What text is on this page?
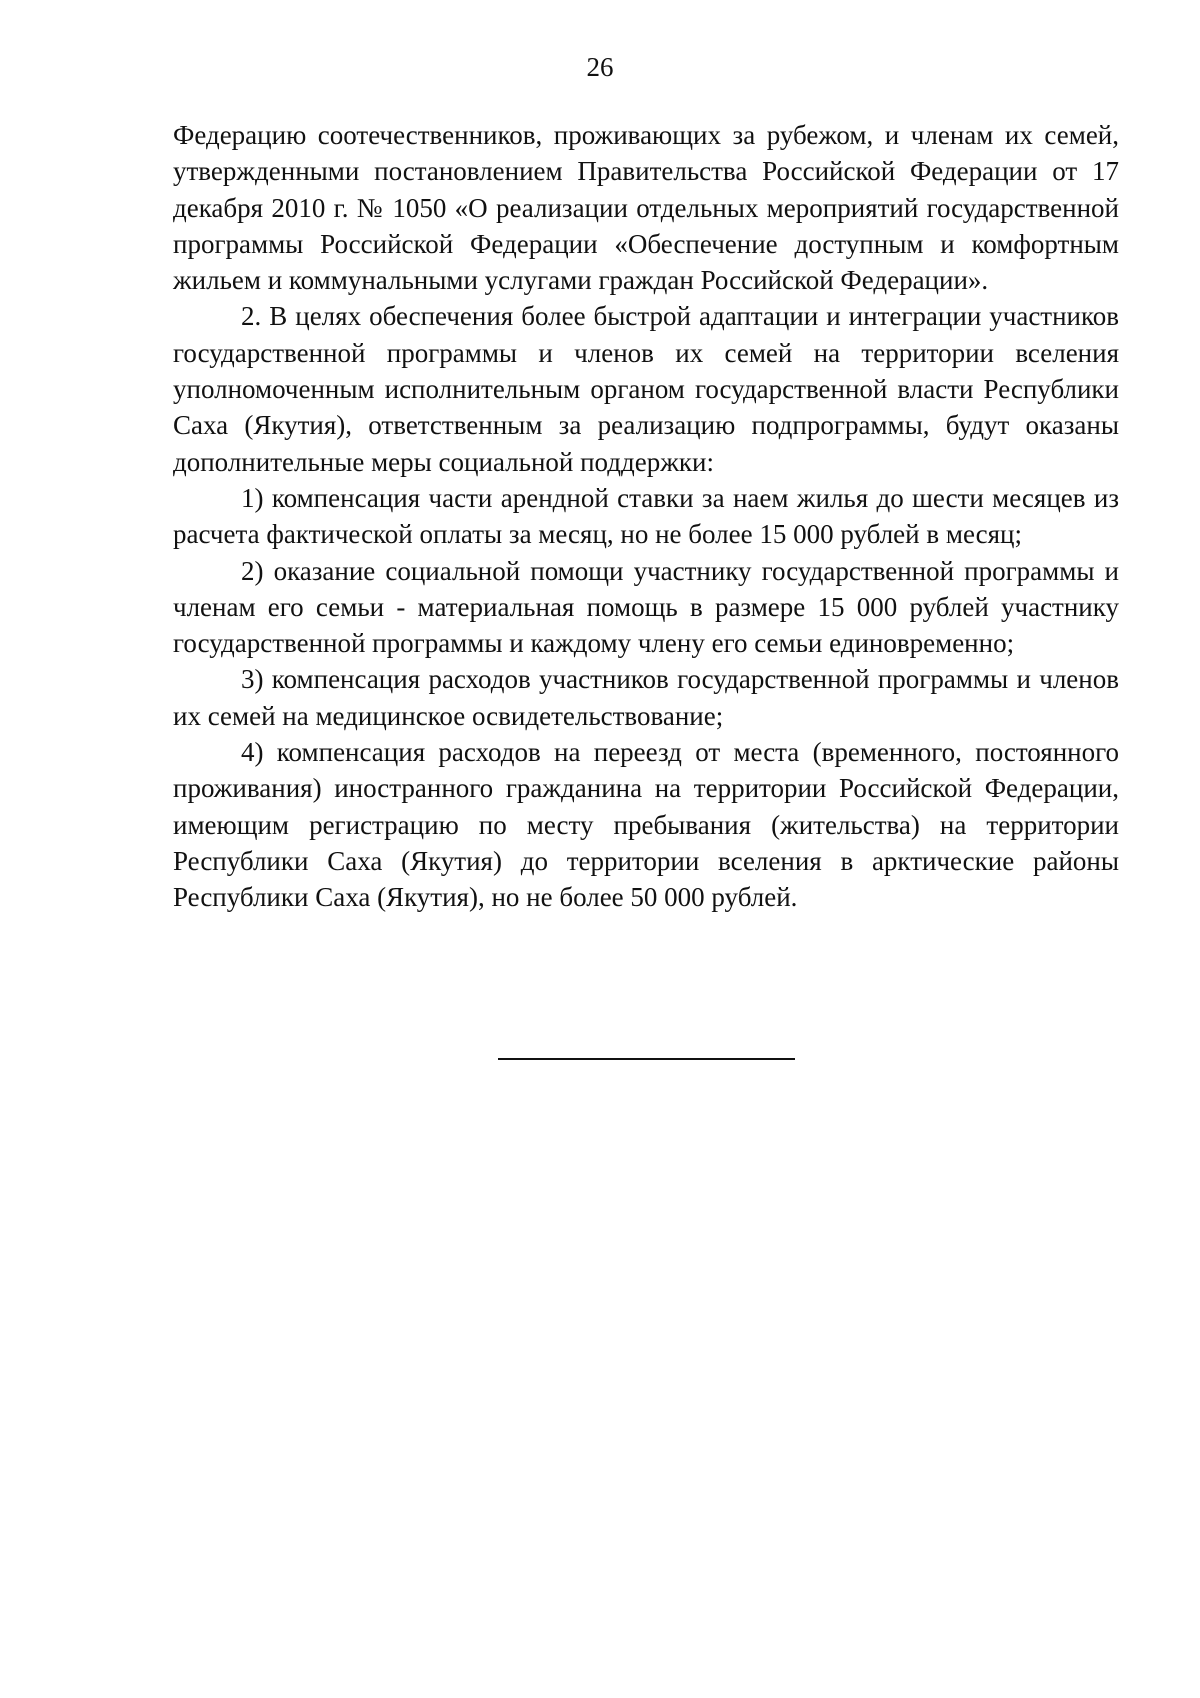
26

Федерацию соотечественников, проживающих за рубежом, и членам их семей, утвержденными постановлением Правительства Российской Федерации от 17 декабря 2010 г. № 1050 «О реализации отдельных мероприятий государственной программы Российской Федерации «Обеспечение доступным и комфортным жильем и коммунальными услугами граждан Российской Федерации».

2. В целях обеспечения более быстрой адаптации и интеграции участников государственной программы и членов их семей на территории вселения уполномоченным исполнительным органом государственной власти Республики Саха (Якутия), ответственным за реализацию подпрограммы, будут оказаны дополнительные меры социальной поддержки:

1) компенсация части арендной ставки за наем жилья до шести месяцев из расчета фактической оплаты за месяц, но не более 15 000 рублей в месяц;

2) оказание социальной помощи участнику государственной программы и членам его семьи - материальная помощь в размере 15 000 рублей участнику государственной программы и каждому члену его семьи единовременно;

3) компенсация расходов участников государственной программы и членов их семей на медицинское освидетельствование;

4) компенсация расходов на переезд от места (временного, постоянного проживания) иностранного гражданина на территории Российской Федерации, имеющим регистрацию по месту пребывания (жительства) на территории Республики Саха (Якутия) до территории вселения в арктические районы Республики Саха (Якутия), но не более 50 000 рублей.
